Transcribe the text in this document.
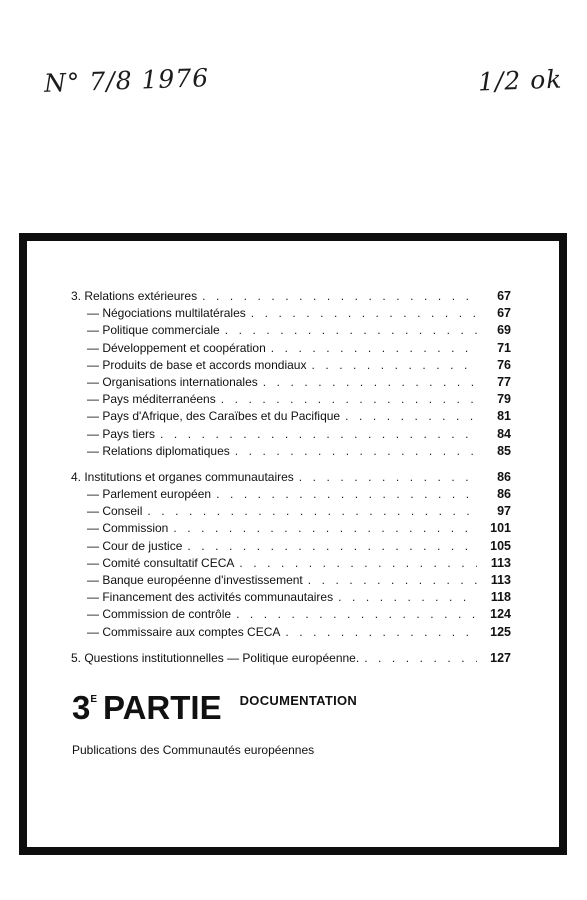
N° 7/8 1976	1/2 ok
3. Relations extérieures . . .	67
— Négociations multilatérales . . .	67
— Politique commerciale . . .	69
— Développement et coopération . . .	71
— Produits de base et accords mondiaux . . .	76
— Organisations internationales . . .	77
— Pays méditerranéens . . .	79
— Pays d'Afrique, des Caraïbes et du Pacifique . . .	81
— Pays tiers . . .	84
— Relations diplomatiques . . .	85
4. Institutions et organes communautaires . . .	86
— Parlement européen . . .	86
— Conseil . . .	97
— Commission . . .	101
— Cour de justice . . .	105
— Comité consultatif CECA . . .	113
— Banque européenne d'investissement . . .	113
— Financement des activités communautaires . . .	118
— Commission de contrôle . . .	124
— Commissaire aux comptes CECA . . .	125
5. Questions institutionnelles — Politique européenne. . . .	127
3 E PARTIE DOCUMENTATION
Publications des Communautés européennes
